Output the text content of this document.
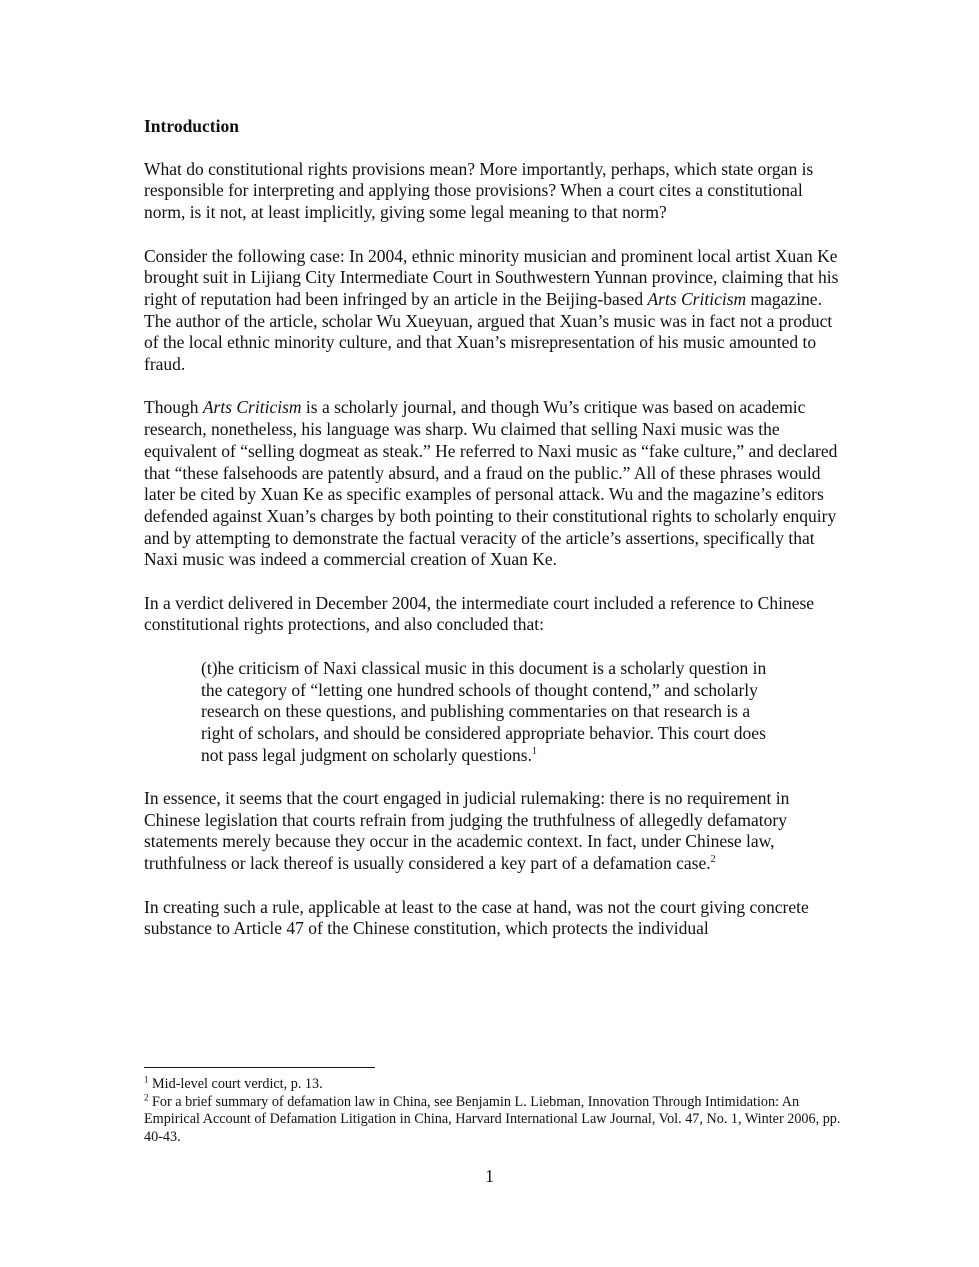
Introduction

What do constitutional rights provisions mean? More importantly, perhaps, which state organ is responsible for interpreting and applying those provisions? When a court cites a constitutional norm, is it not, at least implicitly, giving some legal meaning to that norm?

Consider the following case: In 2004, ethnic minority musician and prominent local artist Xuan Ke brought suit in Lijiang City Intermediate Court in Southwestern Yunnan province, claiming that his right of reputation had been infringed by an article in the Beijing-based Arts Criticism magazine. The author of the article, scholar Wu Xueyuan, argued that Xuan’s music was in fact not a product of the local ethnic minority culture, and that Xuan’s misrepresentation of his music amounted to fraud.

Though Arts Criticism is a scholarly journal, and though Wu’s critique was based on academic research, nonetheless, his language was sharp. Wu claimed that selling Naxi music was the equivalent of “selling dogmeat as steak.” He referred to Naxi music as “fake culture,” and declared that “these falsehoods are patently absurd, and a fraud on the public.” All of these phrases would later be cited by Xuan Ke as specific examples of personal attack. Wu and the magazine’s editors defended against Xuan’s charges by both pointing to their constitutional rights to scholarly enquiry and by attempting to demonstrate the factual veracity of the article’s assertions, specifically that Naxi music was indeed a commercial creation of Xuan Ke.

In a verdict delivered in December 2004, the intermediate court included a reference to Chinese constitutional rights protections, and also concluded that:

(t)he criticism of Naxi classical music in this document is a scholarly question in the category of “letting one hundred schools of thought contend,” and scholarly research on these questions, and publishing commentaries on that research is a right of scholars, and should be considered appropriate behavior. This court does not pass legal judgment on scholarly questions.$^1$

In essence, it seems that the court engaged in judicial rulemaking: there is no requirement in Chinese legislation that courts refrain from judging the truthfulness of allegedly defamatory statements merely because they occur in the academic context. In fact, under Chinese law, truthfulness or lack thereof is usually considered a key part of a defamation case.$^2$

In creating such a rule, applicable at least to the case at hand, was not the court giving concrete substance to Article 47 of the Chinese constitution, which protects the individual

$^1$ Mid-level court verdict, p. 13.

$^2$ For a brief summary of defamation law in China, see Benjamin L. Liebman, Innovation Through Intimidation: An Empirical Account of Defamation Litigation in China, Harvard International Law Journal, Vol. 47, No. 1, Winter 2006, pp. 40-43.

1
